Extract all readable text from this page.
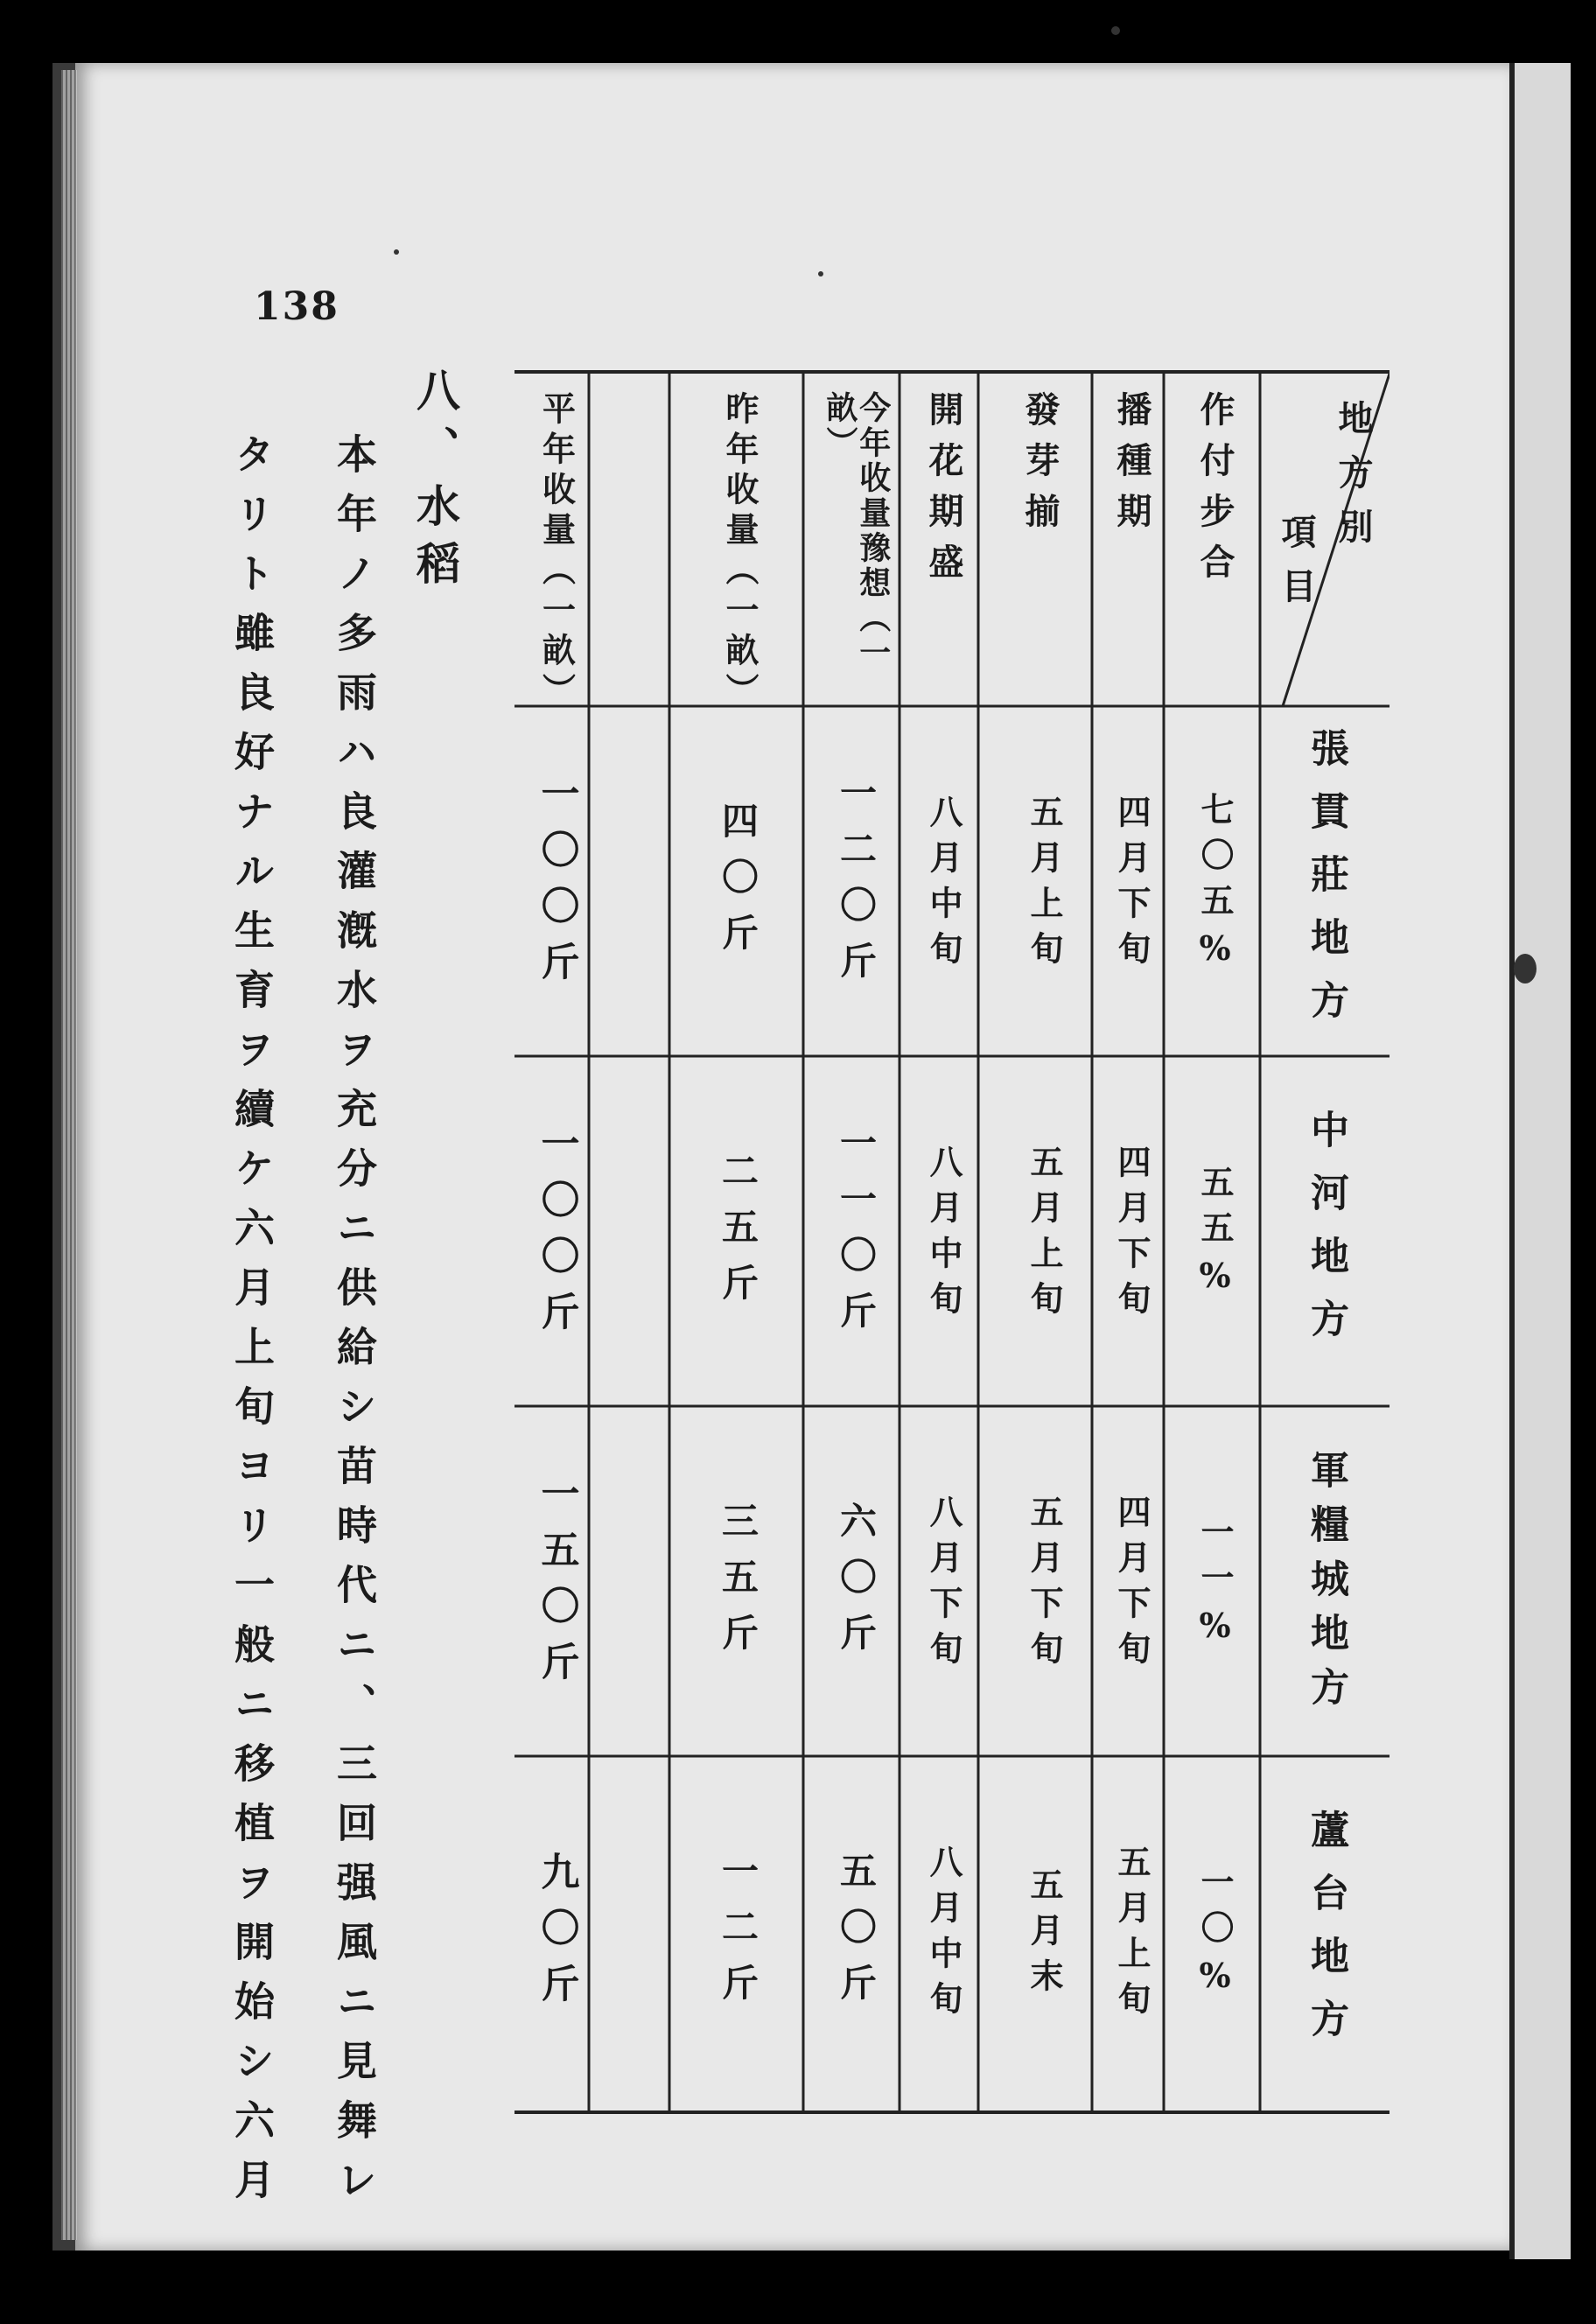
138
八、水稻
本年ノ多雨ハ良灌漑水ヲ充分ニ供給シ苗時代ニ、三回强風ニ見舞レ
タリト雖良好ナル生育ヲ續ケ六月上旬ヨリ一般ニ移植ヲ開始シ六月	地方別
項目
作付步合
播種期
發芽揃
開花期盛
今年收量豫想（一畝）
昨年收量（一畝）
平年收量（一畝）
張貫莊地方
七〇五%
四月下旬
五月上旬
八月中旬
一二〇斤
四〇斤
一〇〇斤
中河地方
五五%
四月下旬
五月上旬
八月中旬
一一〇斤
二五斤
一〇〇斤
軍糧城地方
一一%
四月下旬
五月下旬
八月下旬
六〇斤
三五斤
一五〇斤
蘆台地方
一〇%
五月上旬
五月末
八月中旬
五〇斤
一二斤
九〇斤
